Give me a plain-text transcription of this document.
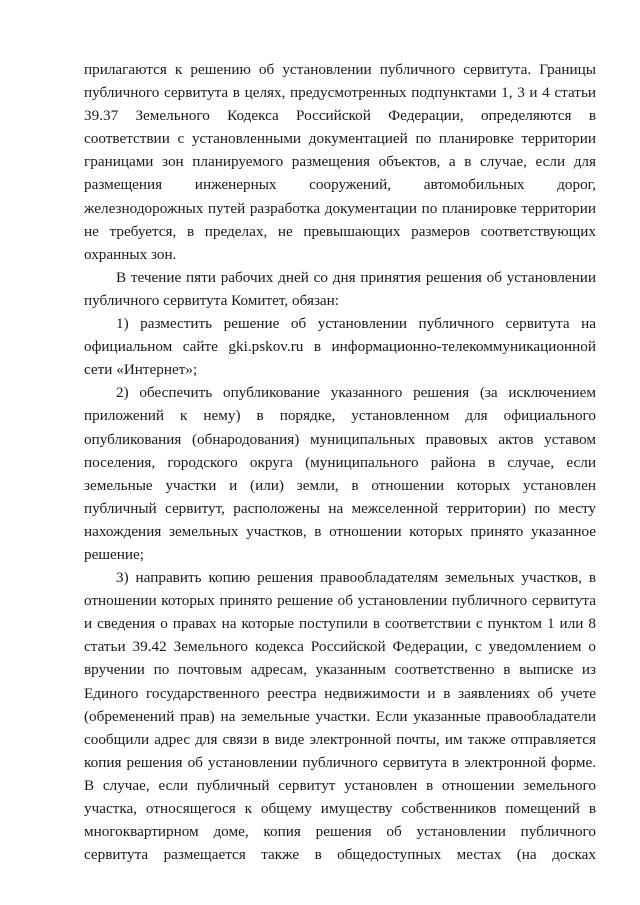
прилагаются к решению об установлении публичного сервитута. Границы
публичного сервитута в целях, предусмотренных подпунктами 1, 3 и 4 статьи
39.37 Земельного Кодекса Российской Федерации, определяются в
соответствии с установленными документацией по планировке территории
границами зон планируемого размещения объектов, а в случае, если для
размещения инженерных сооружений, автомобильных дорог,
железнодорожных путей разработка документации по планировке территории
не требуется, в пределах, не превышающих размеров соответствующих
охранных зон.
В течение пяти рабочих дней со дня принятия решения об установлении
публичного сервитута Комитет, обязан:
1) разместить решение об установлении публичного сервитута на
официальном сайте gki.pskov.ru в информационно-телекоммуникационной
сети «Интернет»;
2) обеспечить опубликование указанного решения (за исключением
приложений к нему) в порядке, установленном для официального
опубликования (обнародования) муниципальных правовых актов уставом
поселения, городского округа (муниципального района в случае, если
земельные участки и (или) земли, в отношении которых установлен
публичный сервитут, расположены на межселенной территории) по месту
нахождения земельных участков, в отношении которых принято указанное
решение;
3) направить копию решения правообладателям земельных участков, в
отношении которых принято решение об установлении публичного сервитута
и сведения о правах на которые поступили в соответствии с пунктом 1 или 8
статьи 39.42 Земельного кодекса Российской Федерации, с уведомлением о
вручении по почтовым адресам, указанным соответственно в выписке из
Единого государственного реестра недвижимости и в заявлениях об учете
(обременений прав) на земельные участки. Если указанные правообладатели
сообщили адрес для связи в виде электронной почты, им также отправляется
копия решения об установлении публичного сервитута в электронной форме.
В случае, если публичный сервитут установлен в отношении земельного
участка, относящегося к общему имуществу собственников помещений в
многоквартирном доме, копия решения об установлении публичного
сервитута размещается также в общедоступных местах (на досках
